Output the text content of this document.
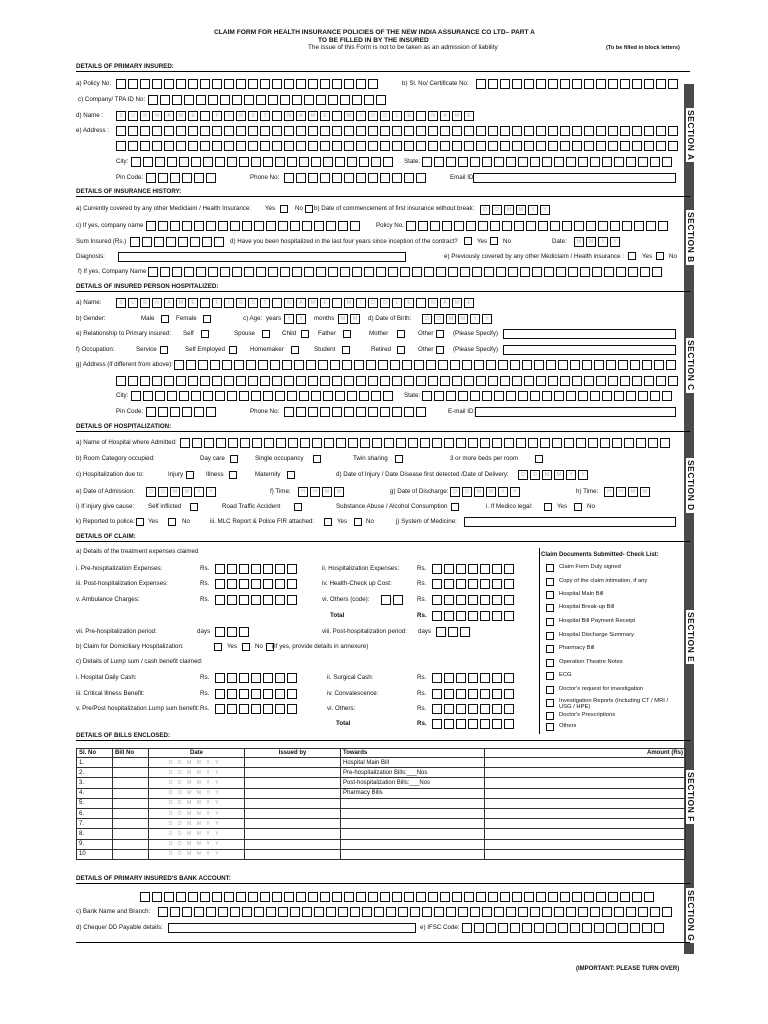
CLAIM FORM FOR HEALTH INSURANCE POLICIES OF THE NEW INDIA ASSURANCE CO LTD– PART A
TO BE FILLED IN BY THE INSURED
The issue of this Form is not to be taken as an admission of liability	(To be filled in block letters)
SECTION A
SECTION B
SECTION C
SECTION D
SECTION E
SECTION F
SECTION G
DETAILS OF PRIMARY INSURED:
a) Policy No:	b) Sl. No/ Certificate No:
c) Company/ TPA ID No:
d) Name :	S	U	R	N	A	M	E	F	I	R	S	T	N	A	M	E	M	I	D	D	L	E	N	A	M	E
e) Address :
City:	State:
Pin Code:	Phone No:	Email ID
DETAILS OF INSURANCE HISTORY:
a) Currently covered by any other Mediclaim / Health Insurance: Yes	No b) Date of commencement of first insurance without break:	D	D	M	M	Y	Y
c) If yes, company name	Policy No.
Sum Insured (Rs.)	d) Have you been hospitalized in the last four years since inception of the contract?	Yes	No	Date:	M	M	Y	Y
Diagnosis:	e) Previously covered by any other Mediclaim / Health insurance :	Yes	No
f) If yes, Company Name
DETAILS OF INSURED PERSON HOSPITALIZED:
a) Name:	S	U	R	N	A	M	E	F	I	R	S	T	N	A	M	E	M	I	D	D	L	E	N	A	M	E
b) Gender:	Male	Female	c) Age: years	Y	Y	months	M	M	d) Date of Birth:	D	D	M	M	Y	Y
e) Relationship to Primary insured: Self	Spouse	Child	Father	Mother	Other	(Please Specify)
f) Occupation:	Service	Self Employed	Homemaker	Student	Retired	Other	(Please Specify)
g) Address (if different from above):
City:	State:
Pin Code:	Phone No:	E-mail ID:
DETAILS OF HOSPITALIZATION:
a) Name of Hospital where Admitted:
b) Room Category occupied:	Day care	Single occupancy	Twin sharing	3 or more beds per room
c) Hospitalization due to:	Injury	Illness	Maternity	d) Date of Injury / Date Disease first detected /Date of Delivery:	D	D	M	M	Y	Y
e) Date of Admission:	D	D	M	M	Y	Y	f) Time:	H	H	M	M	g) Date of Discharge: D	D	M	M	Y	Y	h) Time:	H	H	M	M
i) If injury give cause: Self inflicted	Road Traffic Accident	Substance Abuse / Alcohol Consumption	i. If Medico legal:	Yes	No
k) Reported to police: Yes	No	iii. MLC Report & Police FIR attached:	Yes	No	j) System of Medicine:
DETAILS OF CLAIM:
a) Details of the treatment expenses claimed
i. Pre-hospitalization Expenses:	Rs.	ii. Hospitalization Expenses:	Rs.
iii. Post-hospitalization Expenses:	Rs.	iv. Health-Check up Cost:	Rs.
v. Ambulance Charges:	Rs.	vi. Others (code):	Rs.
Total	Rs.
vii. Pre-hospitalization period:	days	viii. Post-hospitalization period: days
b) Claim for Domiciliary Hospitalization:	Yes	No (If yes, provide details in annexure)
c) Details of Lump sum / cash benefit claimed:
i. Hospital Daily Cash:	Rs.	ii. Surgical Cash:	Rs.
iii. Critical Illness Benefit:	Rs.	iv. Convalescence:	Rs.
v. Pre/Post hospitalization Lump sum benefit: Rs.	vi. Others:	Rs.
Total	Rs.
Claim Documents Submitted- Check List:
Claim Form Duly signed
Copy of the claim intimation, if any
Hospital Main Bill
Hospital Break-up Bill
Hospital Bill Payment Receipt
Hospital Discharge Summary
Pharmacy Bill
Operation Theatre Notes
ECG
Doctor's request for investigation
Investigation Reports (Including CT / MRI / USG / HPE)
Doctor's Prescriptions
Others
DETAILS OF BILLS ENCLOSED:
Sl. No	Bill No	Date	Issued by	Towards	Amount (Rs)
1.		DDMMYY		Hospital Main Bill	
2.		DDMMYY		Pre-hospitalization Bills:___Nos	
3.		DDMMYY		Post-hospitalization Bills:___Nos	
4.		DDMMYY		Pharmacy Bills	
5.		DDMMYY			
6.		DDMMYY			
7.		DDMMYY			
8.		DDMMYY			
9.		DDMMYY			
10		DDMMYY			
DETAILS OF PRIMARY INSURED'S BANK ACCOUNT:
c) Bank Name and Branch:
d) Cheque/ DD Payable details:	e) IFSC Code:
(IMPORTANT: PLEASE TURN OVER)
